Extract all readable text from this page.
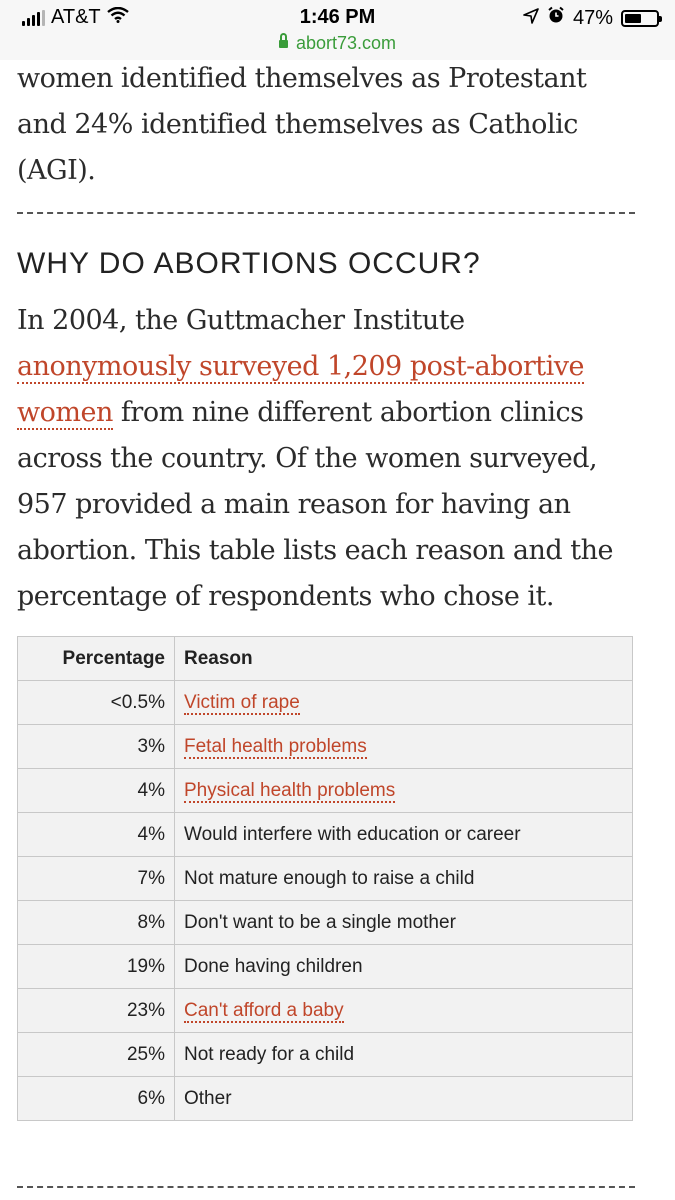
AT&T	1:46 PM	47%
abort73.com

women identified themselves as Protestant and 24% identified themselves as Catholic (AGI).

WHY DO ABORTIONS OCCUR?

In 2004, the Guttmacher Institute anonymously surveyed 1,209 post-abortive women from nine different abortion clinics across the country. Of the women surveyed, 957 provided a main reason for having an abortion. This table lists each reason and the percentage of respondents who chose it.

Percentage	Reason
<0.5%	Victim of rape
3%	Fetal health problems
4%	Physical health problems
4%	Would interfere with education or career
7%	Not mature enough to raise a child
8%	Don't want to be a single mother
19%	Done having children
23%	Can't afford a baby
25%	Not ready for a child
6%	Other
